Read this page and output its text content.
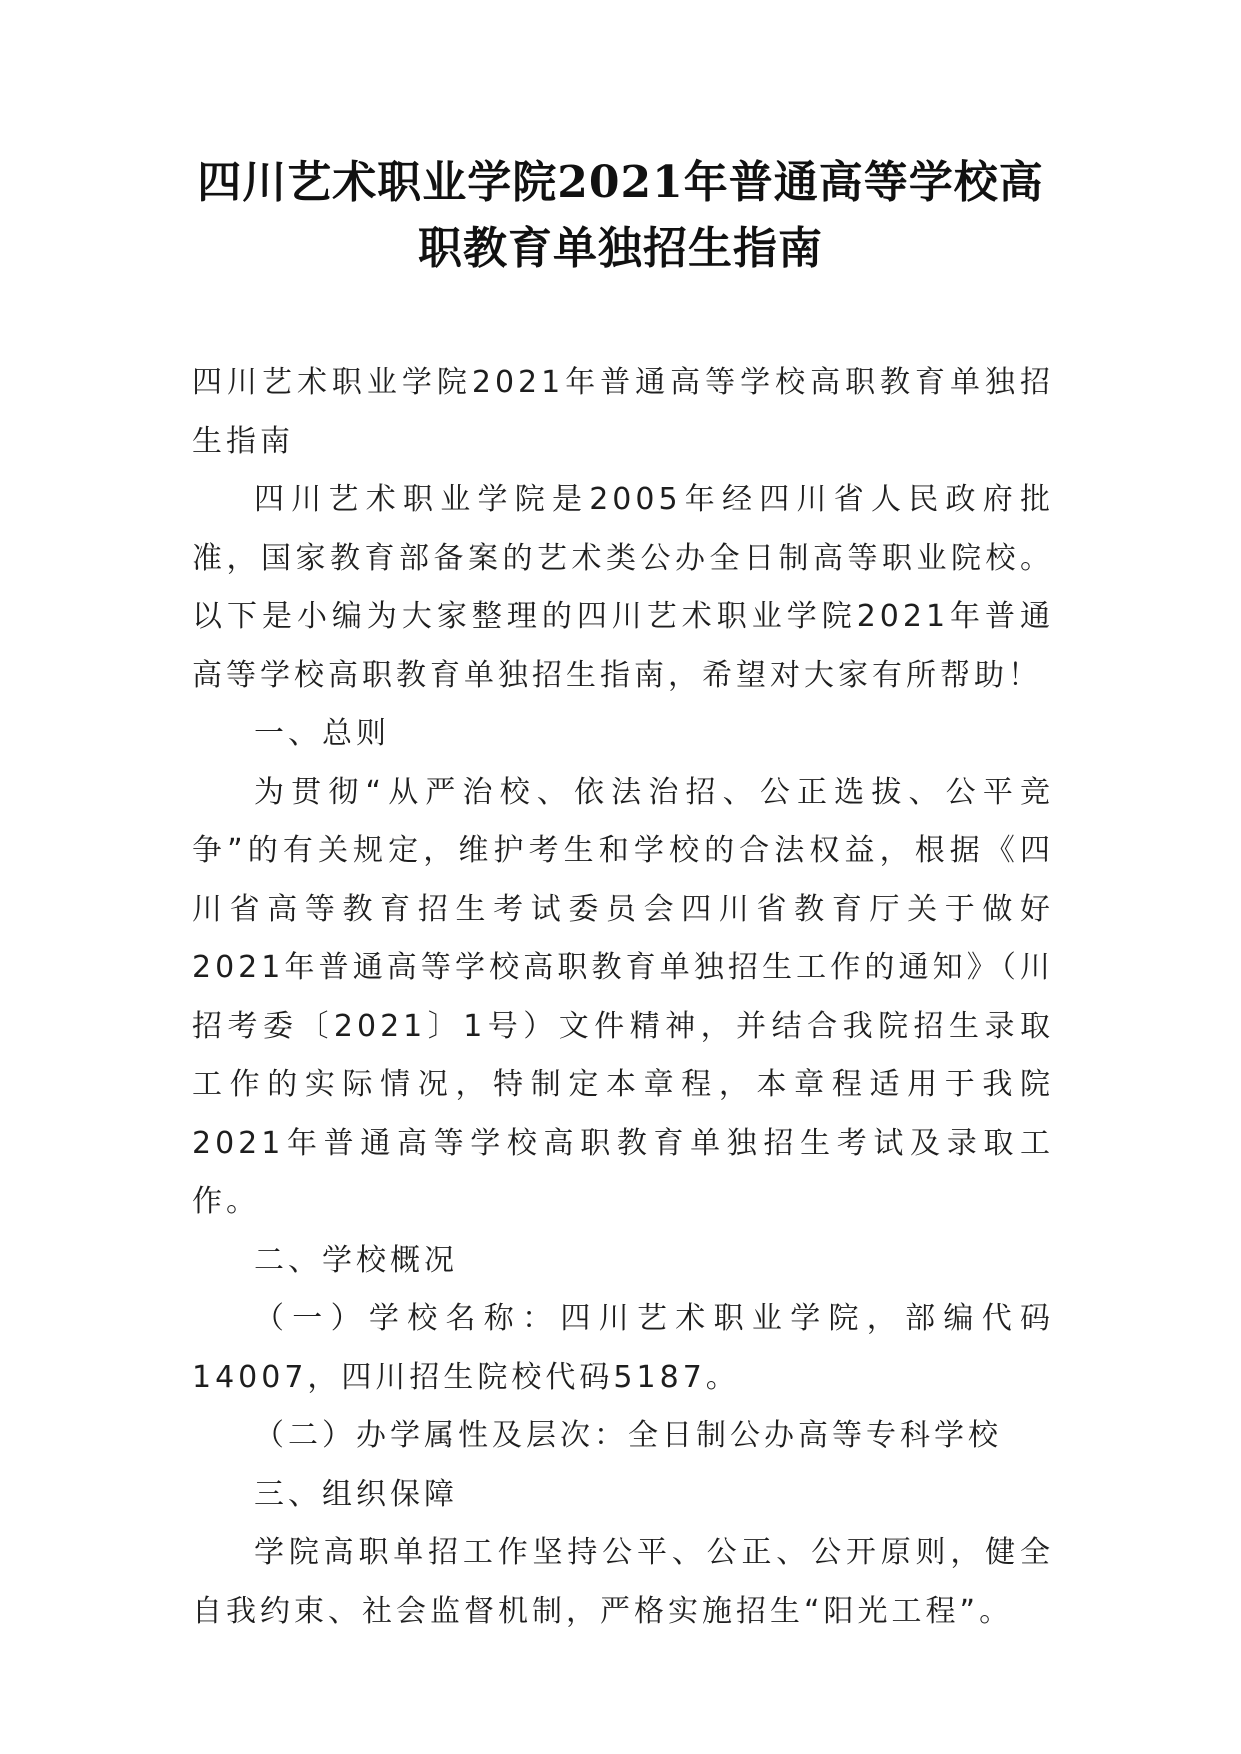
四川艺术职业学院2021年普通高等学校高
职教育单独招生指南

四川艺术职业学院2021年普通高等学校高职教育单独招生指南

四川艺术职业学院是2005年经四川省人民政府批准，国家教育部备案的艺术类公办全日制高等职业院校。以下是小编为大家整理的四川艺术职业学院2021年普通高等学校高职教育单独招生指南，希望对大家有所帮助！

一、总则

为贯彻“从严治校、依法治招、公正选拔、公平竞争”的有关规定，维护考生和学校的合法权益，根据《四川省高等教育招生考试委员会四川省教育厅关于做好2021年普通高等学校高职教育单独招生工作的通知》（川招考委〔2021〕1号）文件精神，并结合我院招生录取工作的实际情况，特制定本章程，本章程适用于我院2021年普通高等学校高职教育单独招生考试及录取工作。

二、学校概况

（一）学校名称：四川艺术职业学院，部编代码14007，四川招生院校代码5187。

（二）办学属性及层次：全日制公办高等专科学校

三、组织保障

学院高职单招工作坚持公平、公正、公开原则，健全自我约束、社会监督机制，严格实施招生“阳光工程”。
